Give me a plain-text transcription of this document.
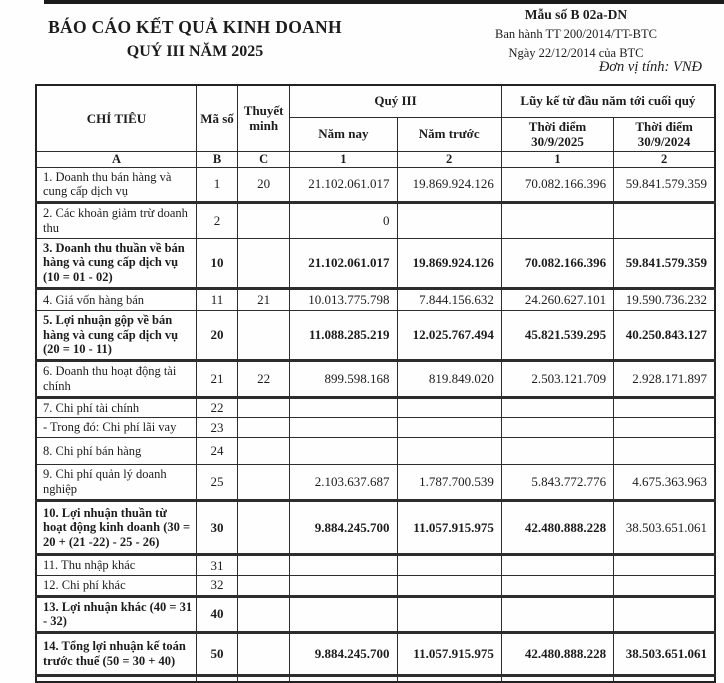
BÁO CÁO KẾT QUẢ KINH DOANH
QUÝ III NĂM 2025
Mẫu số B 02a-DN
Ban hành TT 200/2014/TT-BTC
Ngày 22/12/2014 của BTC
Đơn vị tính: VNĐ
CHỈ TIÊU	Mã số	Thuyết minh	Quý III		Lũy kế từ đầu năm tới cuối quý	
			Năm nay	Năm trước	Thời điểm 30/9/2025	Thời điểm 30/9/2024
A	B	C	1	2	1	2
1. Doanh thu bán hàng và cung cấp dịch vụ	1	20	21.102.061.017	19.869.924.126	70.082.166.396	59.841.579.359
2. Các khoản giảm trừ doanh thu	2		0			
3. Doanh thu thuần về bán hàng và cung cấp dịch vụ (10 = 01 - 02)	10		21.102.061.017	19.869.924.126	70.082.166.396	59.841.579.359
4. Giá vốn hàng bán	11	21	10.013.775.798	7.844.156.632	24.260.627.101	19.590.736.232
5. Lợi nhuận gộp về bán hàng và cung cấp dịch vụ (20 = 10 - 11)	20		11.088.285.219	12.025.767.494	45.821.539.295	40.250.843.127
6. Doanh thu hoạt động tài chính	21	22	899.598.168	819.849.020	2.503.121.709	2.928.171.897
7. Chi phí tài chính	22					
- Trong đó: Chi phí lãi vay	23					
8. Chi phí bán hàng	24					
9. Chi phí quản lý doanh nghiệp	25		2.103.637.687	1.787.700.539	5.843.772.776	4.675.363.963
10. Lợi nhuận thuần từ hoạt động kinh doanh (30 = 20 + (21 -22) - 25 - 26)	30		9.884.245.700	11.057.915.975	42.480.888.228	38.503.651.061
11. Thu nhập khác	31					
12. Chi phí khác	32					
13. Lợi nhuận khác (40 = 31 - 32)	40					
14. Tổng lợi nhuận kế toán trước thuế (50 = 30 + 40)	50		9.884.245.700	11.057.915.975	42.480.888.228	38.503.651.061
